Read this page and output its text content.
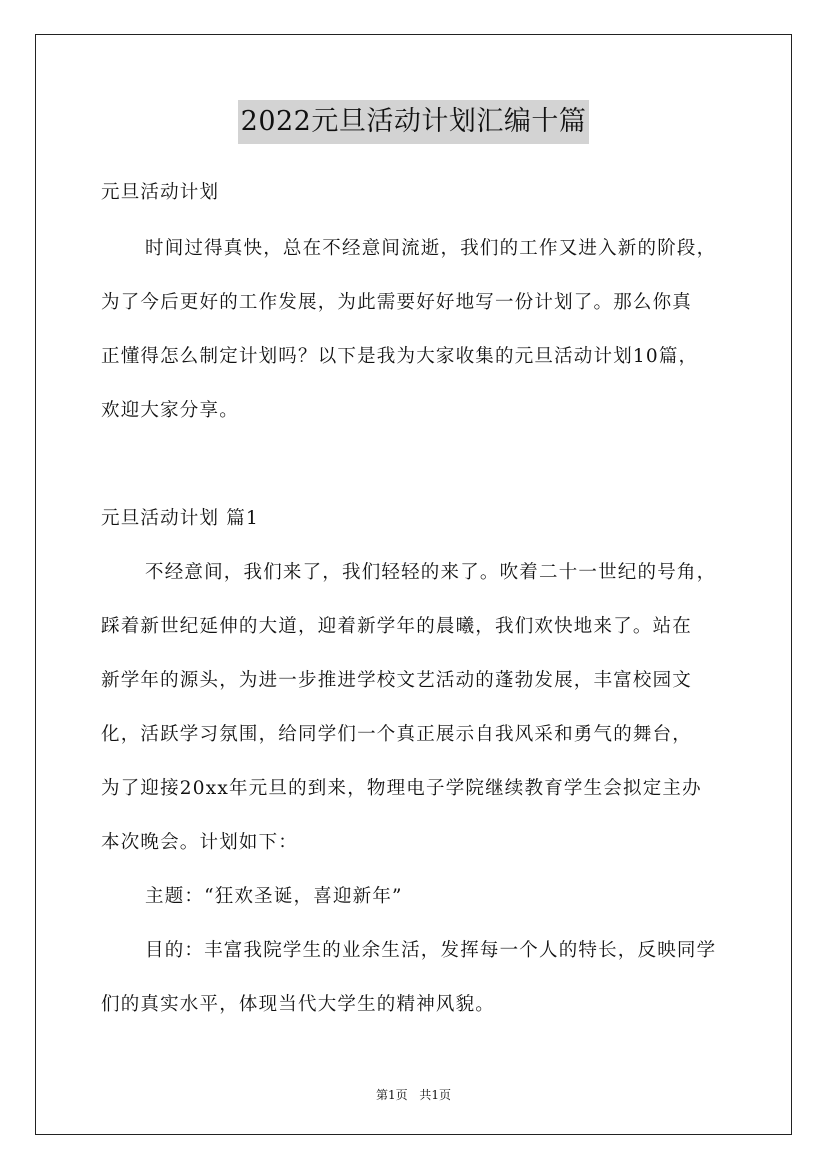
2022元旦活动计划汇编十篇
元旦活动计划
时间过得真快，总在不经意间流逝，我们的工作又进入新的阶段，
为了今后更好的工作发展，为此需要好好地写一份计划了。那么你真
正懂得怎么制定计划吗？以下是我为大家收集的元旦活动计划10篇，
欢迎大家分享。
元旦活动计划 篇1
不经意间，我们来了，我们轻轻的来了。吹着二十一世纪的号角，
踩着新世纪延伸的大道，迎着新学年的晨曦，我们欢快地来了。站在
新学年的源头，为进一步推进学校文艺活动的蓬勃发展，丰富校园文
化，活跃学习氛围，给同学们一个真正展示自我风采和勇气的舞台，
为了迎接20xx年元旦的到来，物理电子学院继续教育学生会拟定主办
本次晚会。计划如下：
主题：“狂欢圣诞，喜迎新年”
目的：丰富我院学生的业余生活，发挥每一个人的特长，反映同学
们的真实水平，体现当代大学生的精神风貌。
第1页 共1页
